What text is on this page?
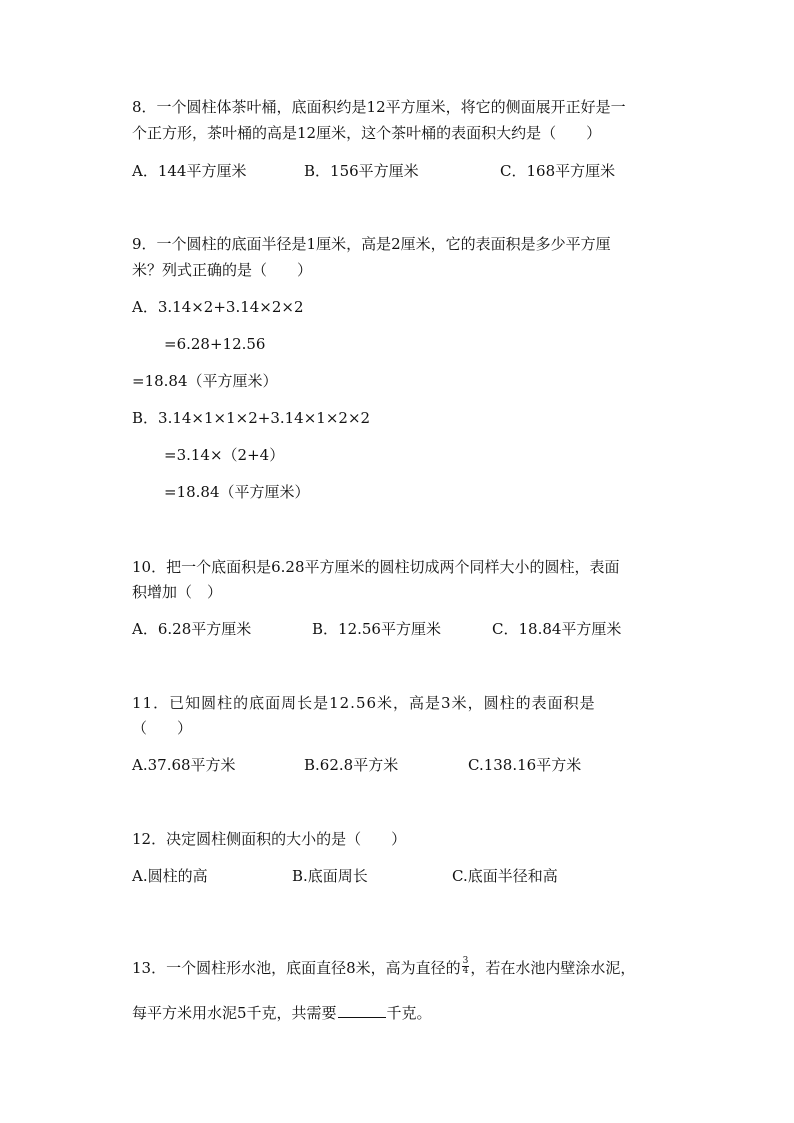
8．一个圆柱体茶叶桶，底面积约是12平方厘米，将它的侧面展开正好是一
个正方形，茶叶桶的高是12厘米，这个茶叶桶的表面积大约是（　　）
A．144平方厘米	B．156平方厘米	C．168平方厘米
9．一个圆柱的底面半径是1厘米，高是2厘米，它的表面积是多少平方厘
米？列式正确的是（　　）
A．3.14×2+3.14×2×2
=6.28+12.56
=18.84（平方厘米）
B．3.14×1×1×2+3.14×1×2×2
=3.14×（2+4）
=18.84（平方厘米）
10．把一个底面积是6.28平方厘米的圆柱切成两个同样大小的圆柱，表面
积增加（　）
A．6.28平方厘米	B．12.56平方厘米	C．18.84平方厘米
11．已知圆柱的底面周长是12.56米，高是3米，圆柱的表面积是
（　　）
A.37.68平方米	B.62.8平方米	C.138.16平方米
12．决定圆柱侧面积的大小的是（　　）
A.圆柱的高	B.底面周长	C.底面半径和高
13．一个圆柱形水池，底面直径8米，高为直径的 $\frac{3}{4}$ ，若在水池内壁涂水泥，
每平方米用水泥5千克，共需要	千克。
